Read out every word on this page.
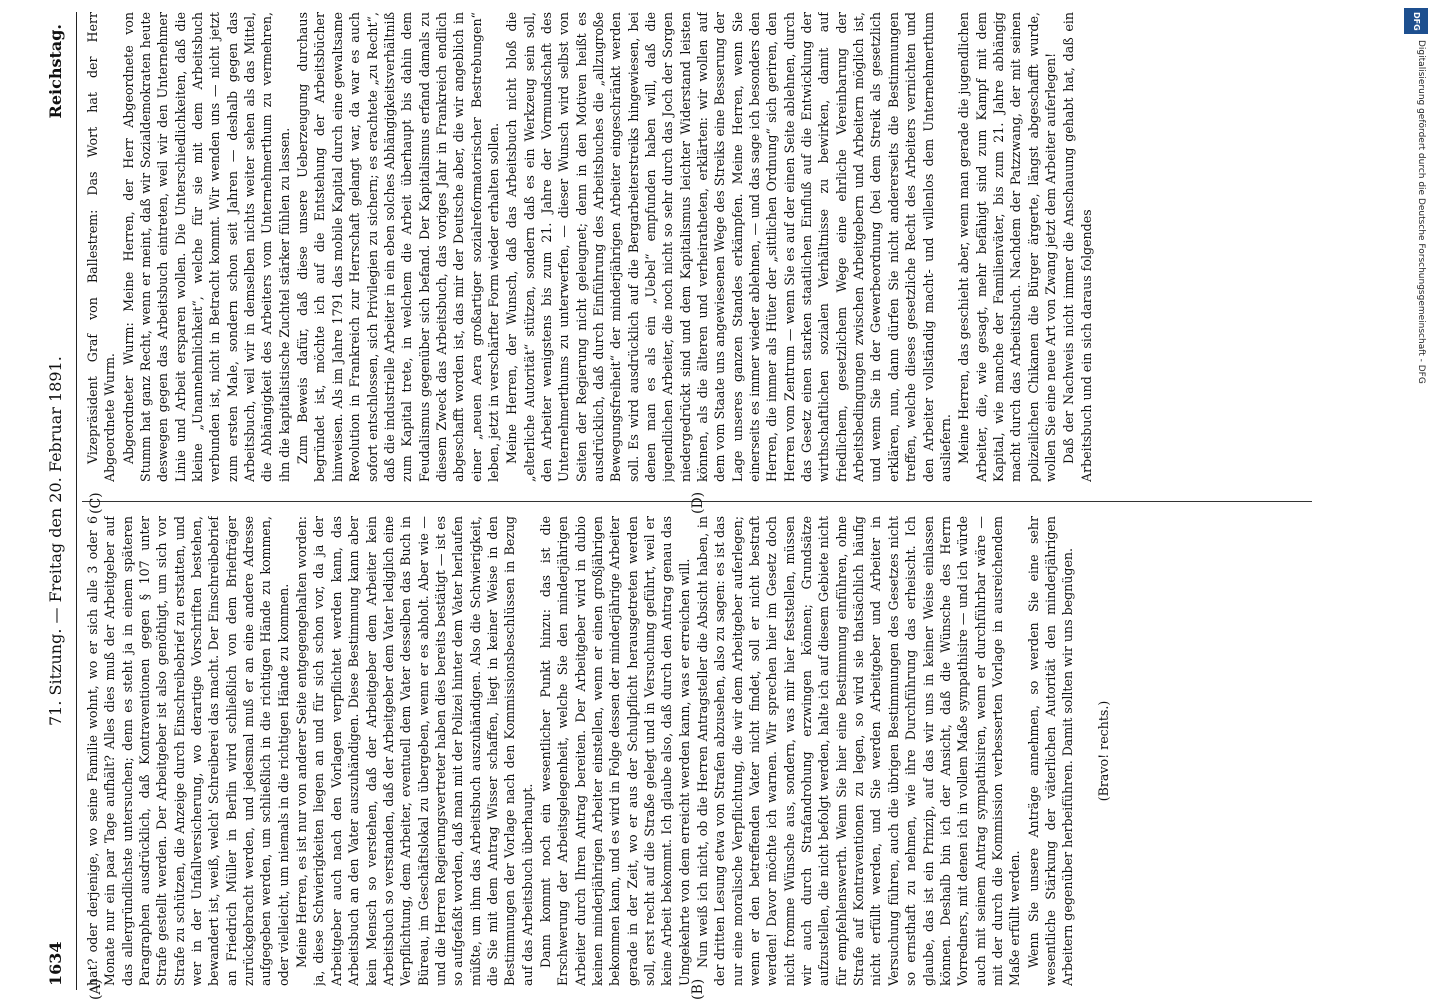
1634
71. Sitzung. — Freitag den 20. Februar 1891.
Reichstag.
(A)	(B)
(C)	(D)

hat? oder derjenige, wo seine Familie wohnt, wo er sich alle 3 oder 6 Monate nur ein paar Tage aufhält? Alles dies muß der Arbeitgeber auf das allergründlichste untersuchen; denn es steht ja in einem späteren Paragraphen ausdrücklich, daß Kontraventionen gegen § 107 unter Strafe gestellt werden. Der Arbeitgeber ist also genöthigt, um sich vor Strafe zu schützen, die Anzeige durch Einschreibebrief zu erstatten, und wer in der Unfallversicherung, wo derartige Vorschriften bestehen, bewandert ist, weiß, welch' Schreiberei das macht. Der Einschreibebrief an Friedrich Müller in Berlin wird schließlich von dem Briefträger zurückgebracht werden, und jedesmal muß er an eine andere Adresse aufgegeben werden, um schließlich in die richtigen Hände zu kommen, oder vielleicht, um niemals in die richtigen Hände zu kommen. Meine Herren, es ist nur von anderer Seite entgegengehalten worden: ja, diese Schwierigkeiten liegen an und für sich schon vor, da ja der Arbeitgeber auch nach den Vorlagen verpflichtet werden kann, das Arbeitsbuch an den Vater auszuhändigen. Diese Bestimmung kann aber kein Mensch so verstehen, daß der Arbeitgeber dem Arbeiter kein Arbeitsbuch so verstanden, daß der Arbeitgeber dem Vater lediglich eine Verpflichtung, dem Arbeiter, eventuell dem Vater desselben das Buch in Büreau, im Geschäftslokal zu übergeben, wenn er es abholt. Aber wie — und die Herren Regierungsvertreter haben dies bereits bestätigt — ist es so aufgefaßt worden, daß man mit der Polizei hinter dem Vater herlaufen müßte, um ihm das Arbeitsbuch auszuhändigen. Also die Schwierigkeit, die Sie mit dem Antrag Wisser schaffen, liegt in keiner Weise in den Bestimmungen der Vorlage nach den Kommissionsbeschlüssen in Bezug auf das Arbeitsbuch überhaupt. Dann kommt noch ein wesentlicher Punkt hinzu: das ist die Erschwerung der Arbeitsgelegenheit, welche Sie den minderjährigen Arbeiter durch Ihren Antrag bereiten. Der Arbeitgeber wird in dubio keinen minderjährigen Arbeiter einstellen, wenn er einen großjährigen bekommen kann, und es wird in Folge dessen der minderjährige Arbeiter gerade in der Zeit, wo er aus der Schulpflicht herausgetreten werden soll, erst recht auf die Straße gelegt und in Versuchung geführt, weil er keine Arbeit bekommt. Ich glaube also, daß durch den Antrag genau das Umgekehrte von dem erreicht werden kann, was er erreichen will. Nun weiß ich nicht, ob die Herren Antragsteller die Absicht haben, in der dritten Lesung etwa von Strafen abzusehen, also zu sagen: es ist das nur eine moralische Verpflichtung, die wir dem Arbeitgeber auferlegen; wenn er den betreffenden Vater nicht findet, soll er nicht bestraft werden! Davor möchte ich warnen. Wir sprechen hier im Gesetz doch nicht fromme Wünsche aus, sondern, was mir hier feststellen, müssen wir auch durch Strafandrohung erzwingen können; Grundsätze aufzustellen, die nicht befolgt werden, halte ich auf diesem Gebiete nicht für empfehlenswerth. Wenn Sie hier eine Bestimmung einführen, ohne Strafe auf Kontraventionen zu legen, so wird sie thatsächlich häufig nicht erfüllt werden, und Sie werden Arbeitgeber und Arbeiter in Versuchung führen, auch die übrigen Bestimmungen des Gesetzes nicht so ernsthaft zu nehmen, wie ihre Durchführung das erheischt. Ich glaube, das ist ein Prinzip, auf das wir uns in keiner Weise einlassen können. Deshalb bin ich der Ansicht, daß die Wünsche des Herrn Vorredners, mit denen ich in vollem Maße sympathisire — und ich würde auch mit seinem Antrag sympathisiren, wenn er durchführbar wäre — mit der durch die Kommission verbesserten Vorlage in ausreichendem Maße erfüllt werden. Wenn Sie unsere Anträge annehmen, so werden Sie eine sehr wesentliche Stärkung der väterlichen Autorität den minderjährigen Arbeitern gegenüber herbeiführen. Damit sollten wir uns begnügen. (Bravo! rechts.)

Vizepräsident Graf von Ballestrem: Das Wort hat der Herr Abgeordnete Wurm. Abgeordneter Wurm: Meine Herren, der Herr Abgeordnete von Stumm hat ganz Recht, wenn er meint, daß wir Sozialdemokraten heute deswegen gegen das Arbeitsbuch eintreten, weil wir den Unternehmer Linie und Arbeit ersparen wollen. Die Unterschiedlichkeiten, daß die kleine „Unannehmlichkeit“, welche für sie mit dem Arbeitsbuch verbunden ist, nicht in Betracht kommt. Wir wenden uns — nicht jetzt zum ersten Male, sondern schon seit Jahren — deshalb gegen das Arbeitsbuch, weil wir in demselben nichts weiter sehen als das Mittel, die Abhängigkeit des Arbeiters vom Unternehmerthum zu vermehren, ihn die kapitalistische Zuchtel stärker fühlen zu lassen. Zum Beweis dafür, daß diese unsere Ueberzeugung durchaus begründet ist, möchte ich auf die Entstehung der Arbeitsbücher hinweisen. Als im Jahre 1791 das mobile Kapital durch eine gewaltsame Revolution in Frankreich zur Herrschaft gelangt war, da war es auch sofort entschlossen, sich Privilegien zu sichern; es erachtete „zu Recht“, daß die industrielle Arbeiter in ein eben solches Abhängigkeitsverhältniß zum Kapital trete, in welchem die Arbeit überhaupt bis dahin dem Feudalismus gegenüber sich befand. Der Kapitalismus erfand damals zu diesem Zweck das Arbeitsbuch, das voriges Jahr in Frankreich endlich abgeschafft worden ist, das mir der Deutsche aber, die wir angeblich in einer „neuen Aera großartiger sozialreformatorischer Bestrebungen“ leben, jetzt in verschärfter Form wieder erhalten sollen. Meine Herren, der Wunsch, daß das Arbeitsbuch nicht bloß die „elterliche Autorität“ stützen, sondern daß es ein Werkzeug sein soll, den Arbeiter wenigstens bis zum 21. Jahre der Vormundschaft des Unternehmerthums zu unterwerfen, — dieser Wunsch wird selbst von Seiten der Regierung nicht geleugnet; denn in den Motiven heißt es ausdrücklich, daß durch Einführung des Arbeitsbuches die „allzugroße Bewegungsfreiheit“ der minderjährigen Arbeiter eingeschränkt werden soll. Es wird ausdrücklich auf die Bergarbeiterstreiks hingewiesen, bei denen man es als ein „Uebel“ empfunden haben will, daß die jugendlichen Arbeiter, die noch nicht so sehr durch das Joch der Sorgen niedergedrückt sind und dem Kapitalismus leichter Widerstand leisten können, als die älteren und verheiratheten, erklärten: wir wollen auf dem vom Staate uns angewiesenen Wege des Streiks eine Besserung der Lage unseres ganzen Standes erkämpfen. Meine Herren, wenn Sie einerseits es immer wieder ablehnen, — und das sage ich besonders den Herren, die immer als Hüter der „sittlichen Ordnung“ sich geriren, den Herren vom Zentrum — wenn Sie es auf der einen Seite ablehnen, durch das Gesetz einen starken staatlichen Einfluß auf die Entwicklung der wirthschaftlichen sozialen Verhältnisse zu bewirken, damit auf friedlichem, gesetzlichem Wege eine ehrliche Vereinbarung der Arbeitsbedingungen zwischen Arbeitgebern und Arbeitern möglich ist, und wenn Sie in der Gewerbeordnung (bei dem Streik als gesetzlich erklären, nun, dann dürfen Sie nicht andererseits die Bestimmungen treffen, welche dieses gesetzliche Recht des Arbeiters vernichten und den Arbeiter vollständig macht- und willenlos dem Unternehmerthum ausliefern. Meine Herren, das geschieht aber, wenn man gerade die jugendlichen Arbeiter, die, wie gesagt, mehr befähigt sind zum Kampf mit dem Kapital, wie manche der Familienväter, bis zum 21. Jahre abhängig macht durch das Arbeitsbuch. Nachdem der Patzzwang, der mit seinen polizeilichen Chikanen die Bürger ärgerte, längst abgeschafft wurde, wollen Sie eine neue Art von Zwang jetzt dem Arbeiter auferlegen! Daß der Nachweis nicht immer die Anschauung gehabt hat, daß ein Arbeitsbuch und ein sich daraus folgendes

DFG
Digitalisierung gefördert durch die Deutsche Forschungsgemeinschaft - DFG
